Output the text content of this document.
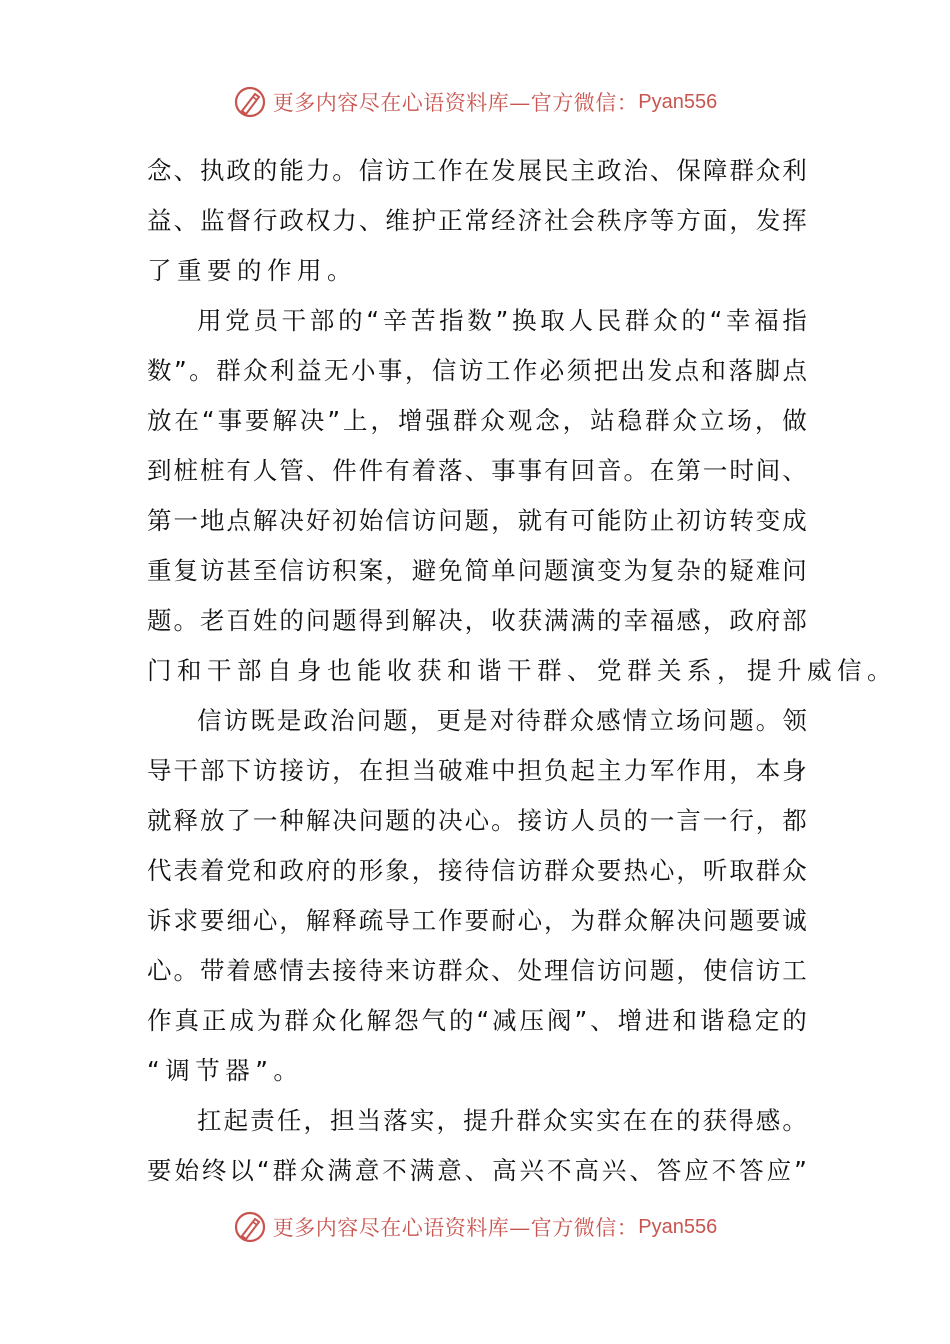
更多内容尽在心语资料库—官方微信： Pyan556
念 、 执 政 的 能 力 。 信 访 工 作 在 发 展 民 主 政 治 、 保 障 群 众 利
益 、 监 督 行 政 权 力 、 维 护 正 常 经 济 社 会 秩 序 等 方 面 ， 发 挥
了重要的作用。
用 党 员 干 部 的 “ 辛 苦 指 数 ” 换 取 人 民 群 众 的 “ 幸 福 指
数 ” 。 群 众 利 益 无 小 事 ， 信 访 工 作 必 须 把 出 发 点 和 落 脚 点
放 在 “ 事 要 解 决 ” 上 ， 增 强 群 众 观 念 ， 站 稳 群 众 立 场 ， 做
到 桩 桩 有 人 管 、 件 件 有 着 落 、 事 事 有 回 音 。 在 第 一 时 间 、
第 一 地 点 解 决 好 初 始 信 访 问 题 ， 就 有 可 能 防 止 初 访 转 变 成
重 复 访 甚 至 信 访 积 案 ， 避 免 简 单 问 题 演 变 为 复 杂 的 疑 难 问
题 。 老 百 姓 的 问 题 得 到 解 决 ， 收 获 满 满 的 幸 福 感 ， 政 府 部
门和干部自身也能收获和谐干群、党群关系，提升威信。
信 访 既 是 政 治 问 题 ， 更 是 对 待 群 众 感 情 立 场 问 题 。 领
导 干 部 下 访 接 访 ， 在 担 当 破 难 中 担 负 起 主 力 军 作 用 ， 本 身
就 释 放 了 一 种 解 决 问 题 的 决 心 。 接 访 人 员 的 一 言 一 行 ， 都
代 表 着 党 和 政 府 的 形 象 ， 接 待 信 访 群 众 要 热 心 ， 听 取 群 众
诉 求 要 细 心 ， 解 释 疏 导 工 作 要 耐 心 ， 为 群 众 解 决 问 题 要 诚
心 。 带 着 感 情 去 接 待 来 访 群 众 、 处 理 信 访 问 题 ， 使 信 访 工
作 真 正 成 为 群 众 化 解 怨 气 的 “ 减 压 阀 ” 、 增 进 和 谐 稳 定 的
“调节器”。
扛 起 责 任 ， 担 当 落 实 ， 提 升 群 众 实 实 在 在 的 获 得 感 。
要 始 终 以 “ 群 众 满 意 不 满 意 、 高 兴 不 高 兴 、 答 应 不 答 应 ”
更多内容尽在心语资料库—官方微信： Pyan556
